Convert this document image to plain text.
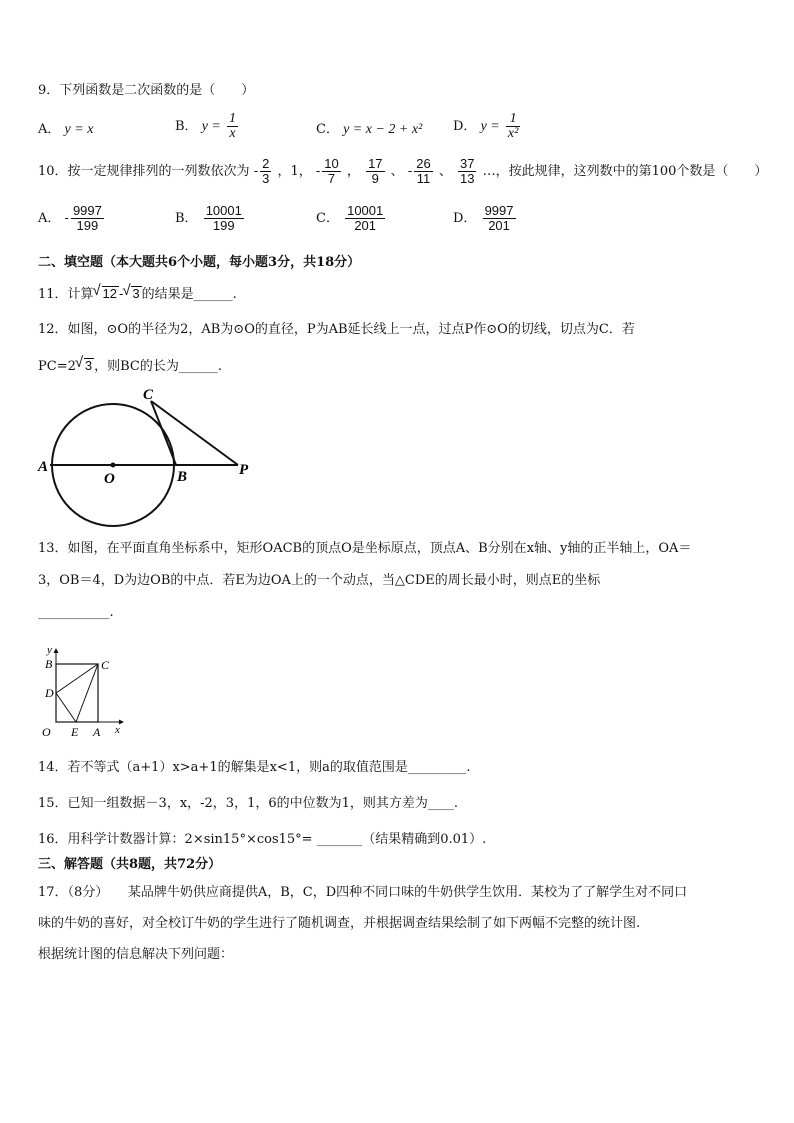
9．下列函数是二次函数的是（　　）
A． y = x	B． $y = \frac{1}{x}$	C． y = x − 2 + x² D． $y = \frac{1}{\text{x²}}$
10．按一定规律排列的一列数依次为 - $\frac{2}{3}$ ，1， - $\frac{10}{7}$ ， $\frac{17}{9}$ 、 - $\frac{26}{11}$ 、 $\frac{37}{13}$ …，按此规律，这列数中的第100个数是（　　）
A． - $\frac{9997}{199}$	B． $\frac{10001}{199}$	C． $\frac{10001}{201}$	D． $\frac{9997}{201}$
二、填空题（本大题共6个小题，每小题3分，共18分）
11．计算 √ 12 - √ 3 的结果是______.
12．如图，⊙O的半径为2，AB为⊙O的直径，P为AB延长线上一点，过点P作⊙O的切线，切点为C．若
PC=2 √ 3 ，则BC的长为______.
A
O	B
C
P
13．如图，在平面直角坐标系中，矩形OACB的顶点O是坐标原点，顶点A、B分别在x轴、y轴的正半轴上，OA＝
3，OB＝4，D为边OB的中点．若E为边OA上的一个动点，当△CDE的周长最小时，则点E的坐标
___________.
y
B	C
D
O E A x
14．若不等式（a+1）x>a+1的解集是x<1，则a的取值范围是_________.
15．已知一组数据－3，x，-2，3，1，6的中位数为1，则其方差为____.
16．用科学计数器计算：2×sin15°×cos15°= _______（结果精确到0.01）.
三、解答题（共8题，共72分）
17．（8分）　　某品牌牛奶供应商提供A，B，C，D四种不同口味的牛奶供学生饮用．某校为了了解学生对不同口
味的牛奶的喜好，对全校订牛奶的学生进行了随机调查，并根据调查结果绘制了如下两幅不完整的统计图.
根据统计图的信息解决下列问题：
